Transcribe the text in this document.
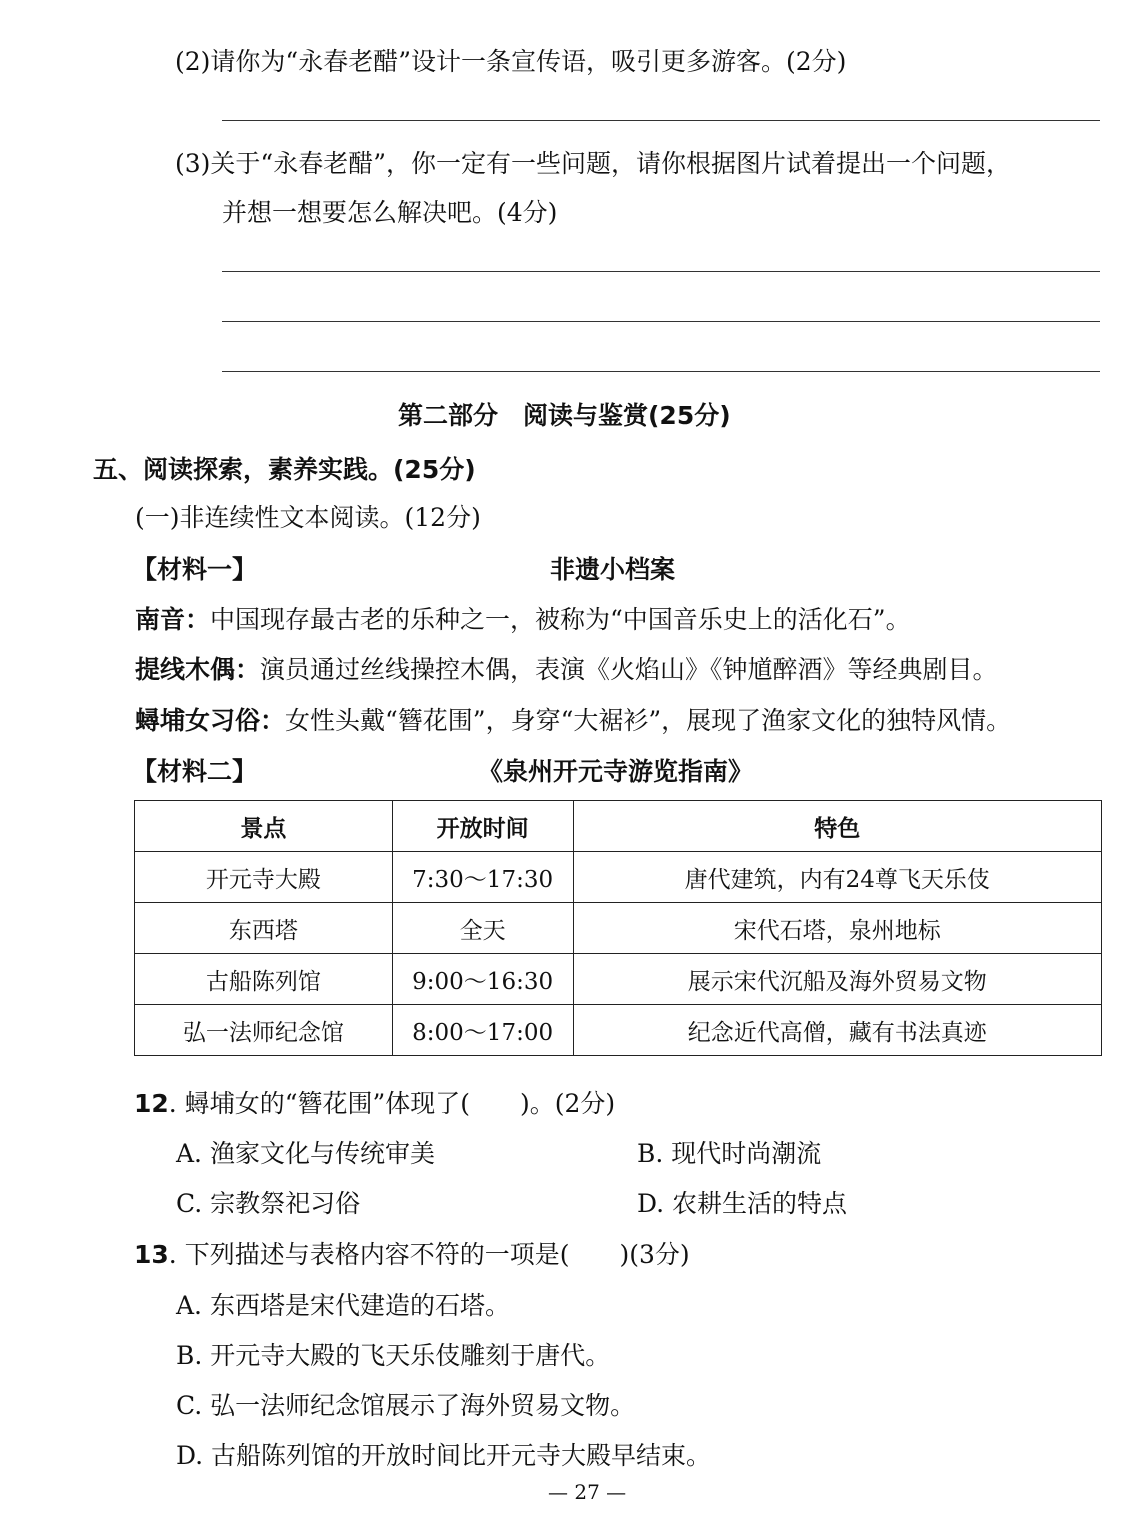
(2)请你为“永春老醋”设计一条宣传语，吸引更多游客。(2分)
(3)关于“永春老醋”，你一定有一些问题，请你根据图片试着提出一个问题，
并想一想要怎么解决吧。(4分)
第二部分　阅读与鉴赏(25分)
五、阅读探索，素养实践。(25分)
(一)非连续性文本阅读。(12分)
【材料一】	非遗小档案
南音：中国现存最古老的乐种之一，被称为“中国音乐史上的活化石”。
提线木偶：演员通过丝线操控木偶，表演《火焰山》《钟馗醉酒》等经典剧目。
蟳埔女习俗：女性头戴“簪花围”，身穿“大裾衫”，展现了渔家文化的独特风情。
【材料二】	《泉州开元寺游览指南》
景点	开放时间	特色
开元寺大殿	7:30～17:30	唐代建筑，内有24尊飞天乐伎
东西塔	全天	宋代石塔，泉州地标
古船陈列馆	9:00～16:30	展示宋代沉船及海外贸易文物
弘一法师纪念馆	8:00～17:00	纪念近代高僧，藏有书法真迹
12. 蟳埔女的“簪花围”体现了(　　)。(2分)
A. 渔家文化与传统审美	B. 现代时尚潮流
C. 宗教祭祀习俗	D. 农耕生活的特点
13. 下列描述与表格内容不符的一项是(　　)(3分)
A. 东西塔是宋代建造的石塔。
B. 开元寺大殿的飞天乐伎雕刻于唐代。
C. 弘一法师纪念馆展示了海外贸易文物。
D. 古船陈列馆的开放时间比开元寺大殿早结束。
— 27 —
